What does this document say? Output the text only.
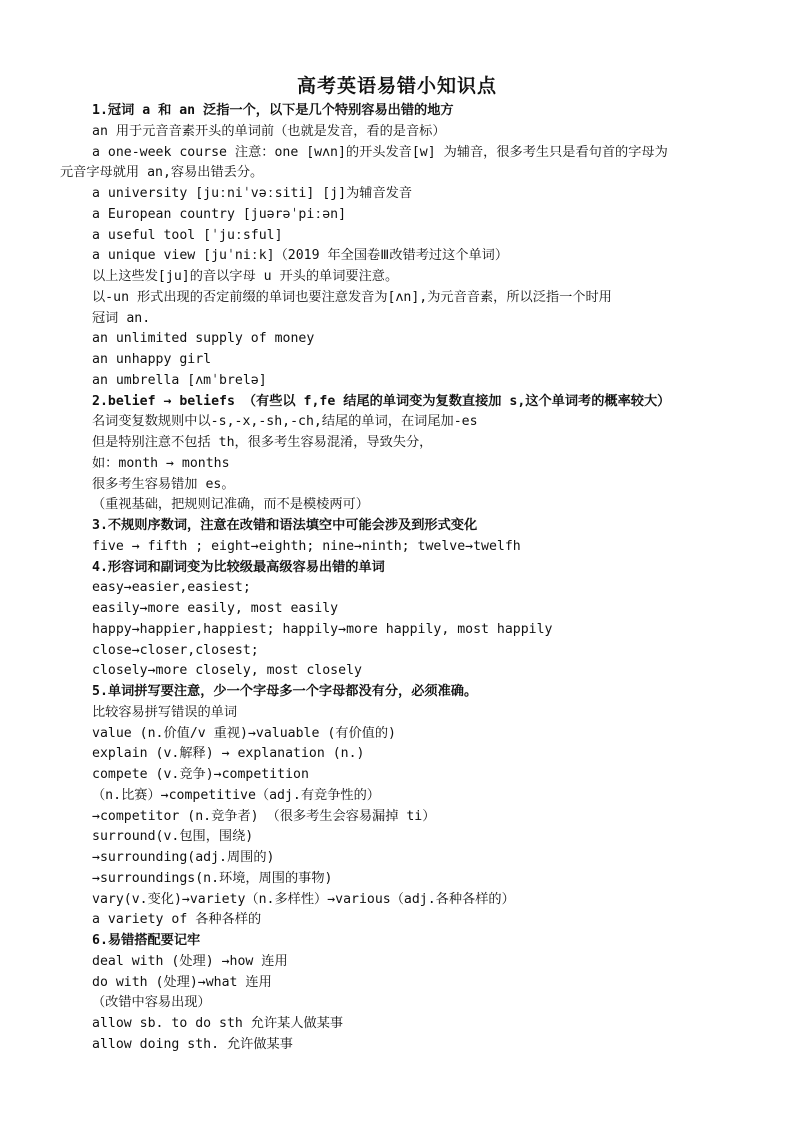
高考英语易错小知识点
1.冠词 a 和 an 泛指一个，以下是几个特别容易出错的地方
an 用于元音音素开头的单词前（也就是发音，看的是音标）
a one-week course 注意：one [wʌn]的开头发音[w] 为辅音，很多考生只是看句首的字母为
元音字母就用 an,容易出错丢分。
a university [juːniˈvəːsiti] [j]为辅音发音
a European country [juərəˈpiːən]
a useful tool [ˈjuːsful]
a unique view [juˈniːk]（2019 年全国卷Ⅲ改错考过这个单词）
以上这些发[ju]的音以字母 u 开头的单词要注意。
以-un 形式出现的否定前缀的单词也要注意发音为[ʌn],为元音音素，所以泛指一个时用
冠词 an.
an unlimited supply of money
an unhappy girl
an umbrella [ʌmˈbrelə]
2.belief → beliefs （有些以 f,fe 结尾的单词变为复数直接加 s,这个单词考的概率较大）
名词变复数规则中以-s,-x,-sh,-ch,结尾的单词，在词尾加-es
但是特别注意不包括 th，很多考生容易混淆，导致失分，
如：month → months
很多考生容易错加 es。
（重视基础，把规则记准确，而不是模棱两可）
3.不规则序数词，注意在改错和语法填空中可能会涉及到形式变化
five → fifth ; eight→eighth; nine→ninth; twelve→twelfh
4.形容词和副词变为比较级最高级容易出错的单词
easy→easier,easiest;
easily→more easily, most easily
happy→happier,happiest; happily→more happily, most happily
close→closer,closest;
closely→more closely, most closely
5.单词拼写要注意，少一个字母多一个字母都没有分，必须准确。
比较容易拼写错误的单词
value (n.价值/v 重视)→valuable (有价值的)
explain (v.解释) → explanation (n.)
compete (v.竞争)→competition
（n.比赛）→competitive（adj.有竞争性的）
→competitor (n.竞争者) （很多考生会容易漏掉 ti）
surround(v.包围，围绕)
→surrounding(adj.周围的)
→surroundings(n.环境，周围的事物)
vary(v.变化)→variety（n.多样性）→various（adj.各种各样的）
a variety of 各种各样的
6.易错搭配要记牢
deal with (处理) →how 连用
do with (处理)→what 连用
（改错中容易出现）
allow sb. to do sth 允许某人做某事
allow doing sth. 允许做某事
